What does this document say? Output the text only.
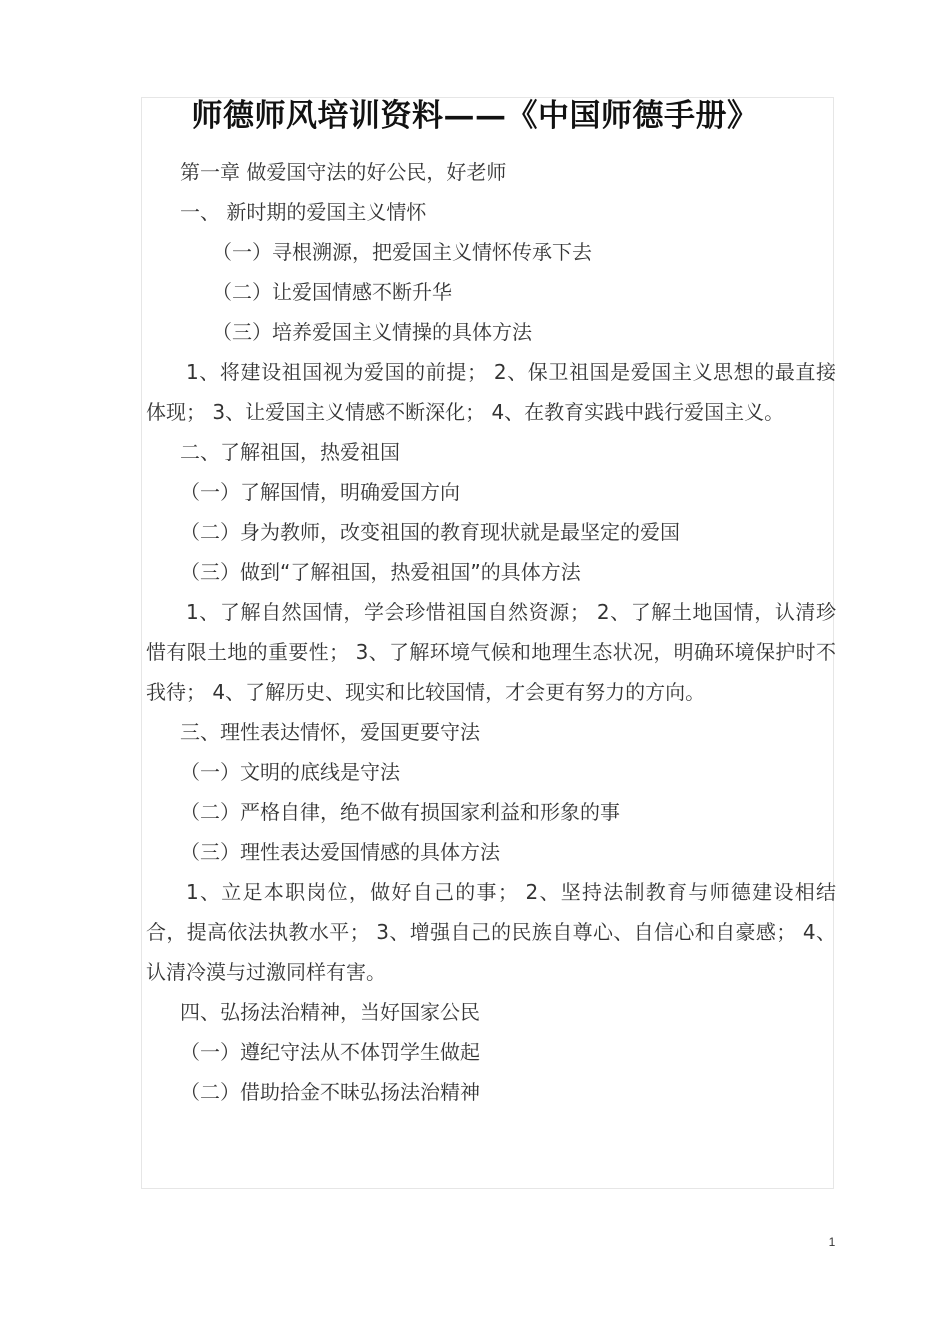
师德师风培训资料——《中国师德手册》

第一章 做爱国守法的好公民，好老师

一、 新时期的爱国主义情怀

（一）寻根溯源，把爱国主义情怀传承下去

（二）让爱国情感不断升华

（三）培养爱国主义情操的具体方法

1、将建设祖国视为爱国的前提； 2、保卫祖国是爱国主义思想的最直接体现； 3、让爱国主义情感不断深化； 4、在教育实践中践行爱国主义。

二、了解祖国，热爱祖国

（一）了解国情，明确爱国方向

（二）身为教师，改变祖国的教育现状就是最坚定的爱国

（三）做到“了解祖国，热爱祖国”的具体方法

1、了解自然国情，学会珍惜祖国自然资源； 2、了解土地国情，认清珍惜有限土地的重要性； 3、了解环境气候和地理生态状况，明确环境保护时不我待； 4、了解历史、现实和比较国情，才会更有努力的方向。

三、理性表达情怀，爱国更要守法

（一）文明的底线是守法

（二）严格自律，绝不做有损国家利益和形象的事

（三）理性表达爱国情感的具体方法

1、立足本职岗位，做好自己的事； 2、坚持法制教育与师德建设相结合，提高依法执教水平； 3、增强自己的民族自尊心、自信心和自豪感； 4、认清冷漠与过激同样有害。

四、弘扬法治精神，当好国家公民

（一）遵纪守法从不体罚学生做起

（二）借助拾金不昧弘扬法治精神

1
